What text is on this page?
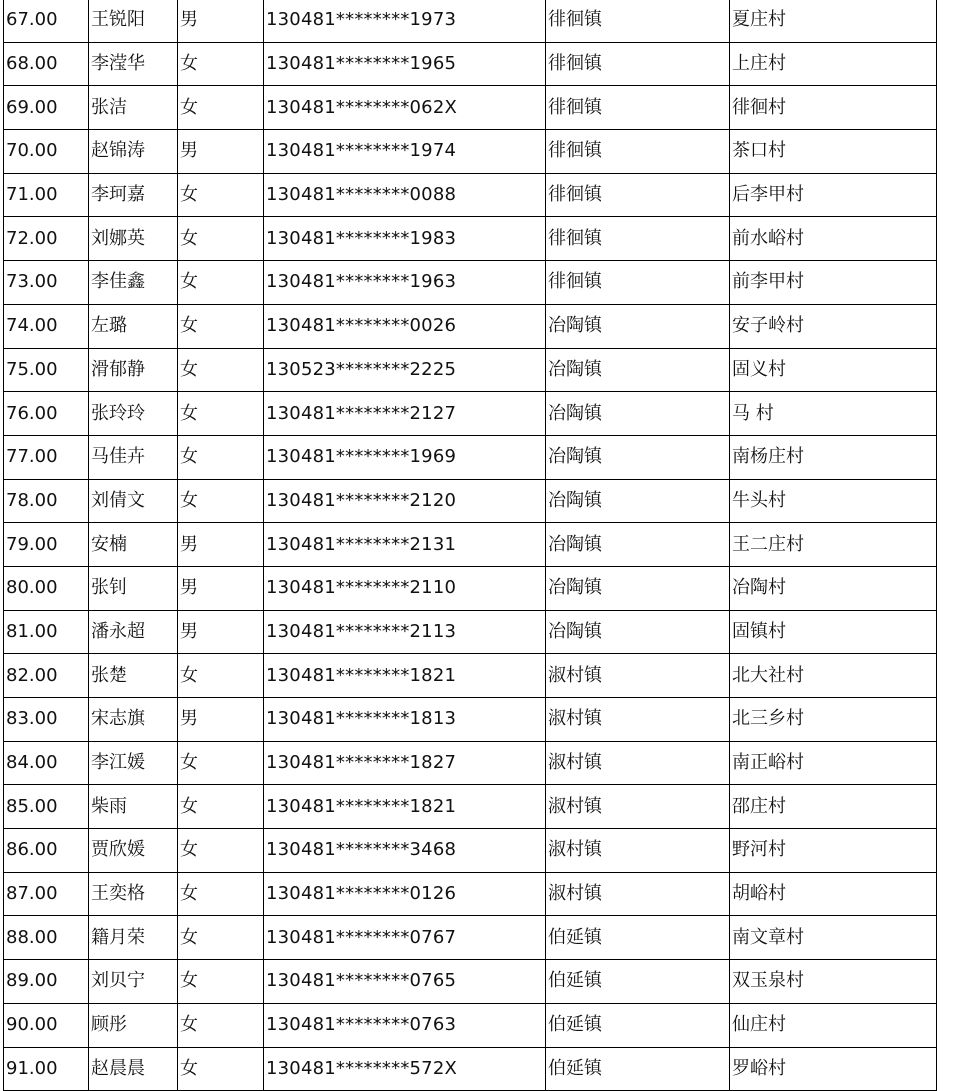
67.00	王锐阳	男	130481********1973	徘徊镇	夏庄村
68.00	李滢华	女	130481********1965	徘徊镇	上庄村
69.00	张洁	女	130481********062X	徘徊镇	徘徊村
70.00	赵锦涛	男	130481********1974	徘徊镇	茶口村
71.00	李珂嘉	女	130481********0088	徘徊镇	后李甲村
72.00	刘娜英	女	130481********1983	徘徊镇	前水峪村
73.00	李佳鑫	女	130481********1963	徘徊镇	前李甲村
74.00	左璐	女	130481********0026	冶陶镇	安子岭村
75.00	滑郁静	女	130523********2225	冶陶镇	固义村
76.00	张玲玲	女	130481********2127	冶陶镇	马 村
77.00	马佳卉	女	130481********1969	冶陶镇	南杨庄村
78.00	刘倩文	女	130481********2120	冶陶镇	牛头村
79.00	安楠	男	130481********2131	冶陶镇	王二庄村
80.00	张钊	男	130481********2110	冶陶镇	冶陶村
81.00	潘永超	男	130481********2113	冶陶镇	固镇村
82.00	张楚	女	130481********1821	淑村镇	北大社村
83.00	宋志旗	男	130481********1813	淑村镇	北三乡村
84.00	李江媛	女	130481********1827	淑村镇	南正峪村
85.00	柴雨	女	130481********1821	淑村镇	邵庄村
86.00	贾欣媛	女	130481********3468	淑村镇	野河村
87.00	王奕格	女	130481********0126	淑村镇	胡峪村
88.00	籍月荣	女	130481********0767	伯延镇	南文章村
89.00	刘贝宁	女	130481********0765	伯延镇	双玉泉村
90.00	顾彤	女	130481********0763	伯延镇	仙庄村
91.00	赵晨晨	女	130481********572X	伯延镇	罗峪村
